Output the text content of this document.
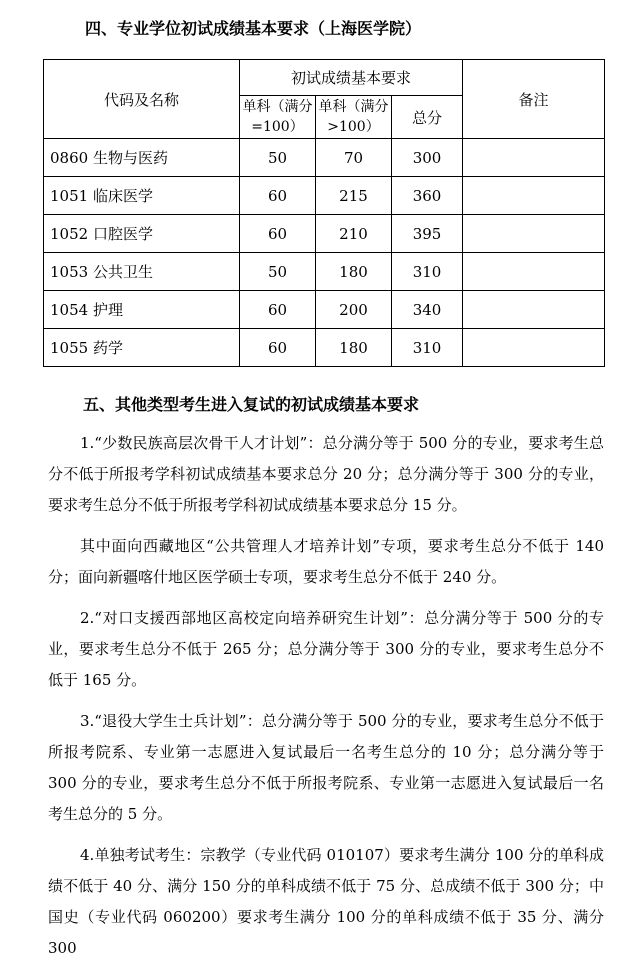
四、专业学位初试成绩基本要求（上海医学院）
代码及名称	初试成绩基本要求			备注
	单科（满分=100）	单科（满分>100）	总分	
0860 生物与医药	50	70	300	
1051 临床医学	60	215	360	
1052 口腔医学	60	210	395	
1053 公共卫生	50	180	310	
1054 护理	60	200	340	
1055 药学	60	180	310	
五、其他类型考生进入复试的初试成绩基本要求

1.“少数民族高层次骨干人才计划”：总分满分等于 500 分的专业，要求考生总分不低于所报考学科初试成绩基本要求总分 20 分；总分满分等于 300 分的专业，要求考生总分不低于所报考学科初试成绩基本要求总分 15 分。

其中面向西藏地区“公共管理人才培养计划”专项，要求考生总分不低于 140 分；面向新疆喀什地区医学硕士专项，要求考生总分不低于 240 分。

2.“对口支援西部地区高校定向培养研究生计划”：总分满分等于 500 分的专业，要求考生总分不低于 265 分；总分满分等于 300 分的专业，要求考生总分不低于 165 分。

3.“退役大学生士兵计划”：总分满分等于 500 分的专业，要求考生总分不低于所报考院系、专业第一志愿进入复试最后一名考生总分的 10 分；总分满分等于 300 分的专业，要求考生总分不低于所报考院系、专业第一志愿进入复试最后一名考生总分的 5 分。

4.单独考试考生：宗教学（专业代码 010107）要求考生满分 100 分的单科成绩不低于 40 分、满分 150 分的单科成绩不低于 75 分、总成绩不低于 300 分；中国史（专业代码 060200）要求考生满分 100 分的单科成绩不低于 35 分、满分 300
